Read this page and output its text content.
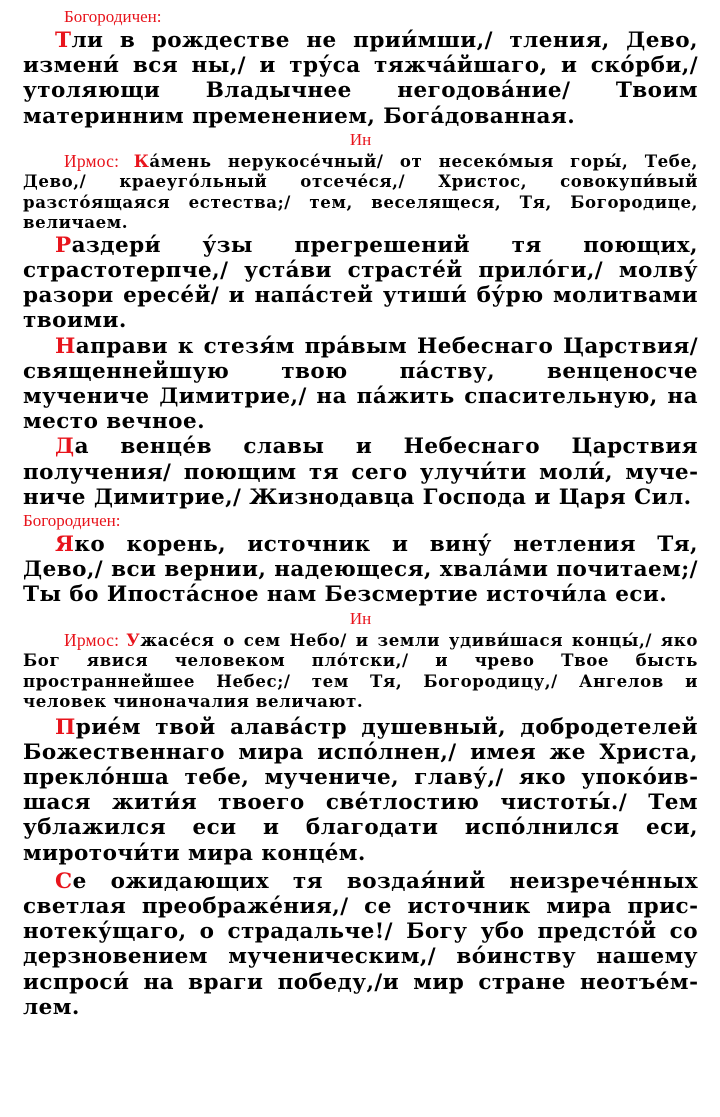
Богородичен:

Тли в рождестве не прии́мши,/ тления, Дево, измени́ вся ны,/ и тру́са тяжча́йшаго, и ско́рби,/ утоляющи Владычнее негодова́ние/ Твоим материнним пременением, Бога́дованная.

Ин

Ирмос: Ка́мень нерукосе́чный/ от несеко́мыя горы́, Тебе, Дево,/ краеуго́льный отсече́ся,/ Христос, совокупи́вый разсто́ящаяся естества;/ тем, веселящеся, Тя, Богородице, величаем.

Раздери́ у́зы прегрешений тя поющих, страстотерпче,/ уста́ви страсте́й прило́ги,/ молву́ разори ересе́й/ и напа́стей утиши́ бу́рю молитвами твоими.

Направи к стезя́м пра́вым Небеснаго Царствия/ священнейшую твою па́ству, венценосче мучениче Димитрие,/ на па́жить спасительную, на место вечное.

Да венце́в славы и Небеснаго Царствия получения/ поющим тя сего улучи́ти моли́, мучениче Димитрие,/ Жизнодавца Господа и Царя Сил.

Богородичен:

Яко корень, источник и вину́ нетления Тя, Дево,/ вси вернии, надеющеся, хвала́ми почитаем;/ Ты бо Ипоста́сное нам Безсмертие источи́ла еси.

Ин

Ирмос: Ужасе́ся о сем Небо/ и земли удиви́шася концы́,/ яко Бог явися человеком пло́тски,/ и чрево Твое бысть пространнейшее Небес;/ тем Тя, Богородицу,/ Ангелов и человек чиноначалия величают.

Прие́м твой алава́стр душевный, добродетелей Божественнаго мира испо́лнен,/ имея же Христа, прекло́нша тебе, мучениче, главу́,/ яко упоко́ившася жити́я твоего све́тлостию чистоты́./ Тем ублажился еси и благодати испо́лнился еси, мироточи́ти мира конце́м.

Се ожидающих тя воздая́ний неизрече́нных светлая преображе́ния,/ се источник мира приснотеку́щаго, о страдальче!/ Богу убо предсто́й со дерзновением мученическим,/ во́инству нашему испроси́ на враги победу,/и мир стране неотъе́млем.
